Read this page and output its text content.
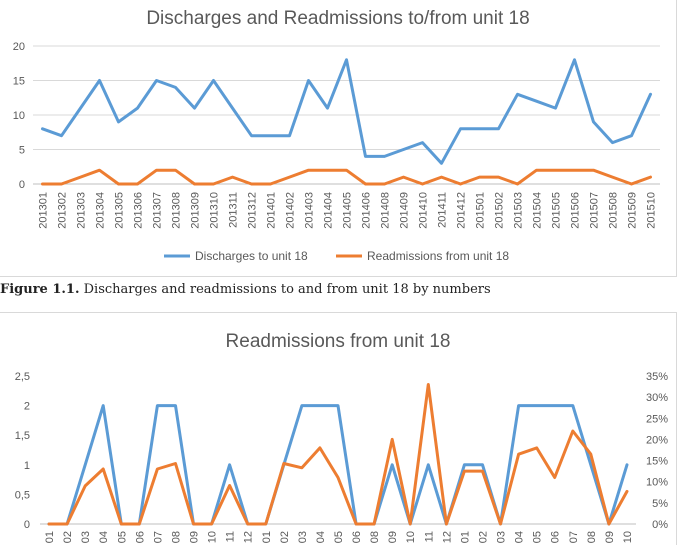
Discharges and Readmissions to/from unit 18
0
5
10
15
20
201301 201302 201303 201304 201305 201306 201307 201308 201309 201310 201311 201312 201401 201402 201403 201404 201405 201406 201408 201409 201410 201411 201412 201501 201502 201503 201504 201505 201506 201507 201508 201509 201510
Discharges to unit 18	Readmissions from unit 18
Figure 1.1. Discharges and readmissions to and from unit 18 by numbers
Readmissions from unit 18
0
0,5
1
1,5
2
2,5
0%
5%
10%
15%
20%
25%
30%
35%
01 02 03 04 05 06 07 08 09 10 11 12 01 02 03 04 05 06 08 09 10 11 12 01 02 03 04 05 06 07 08 09 10
